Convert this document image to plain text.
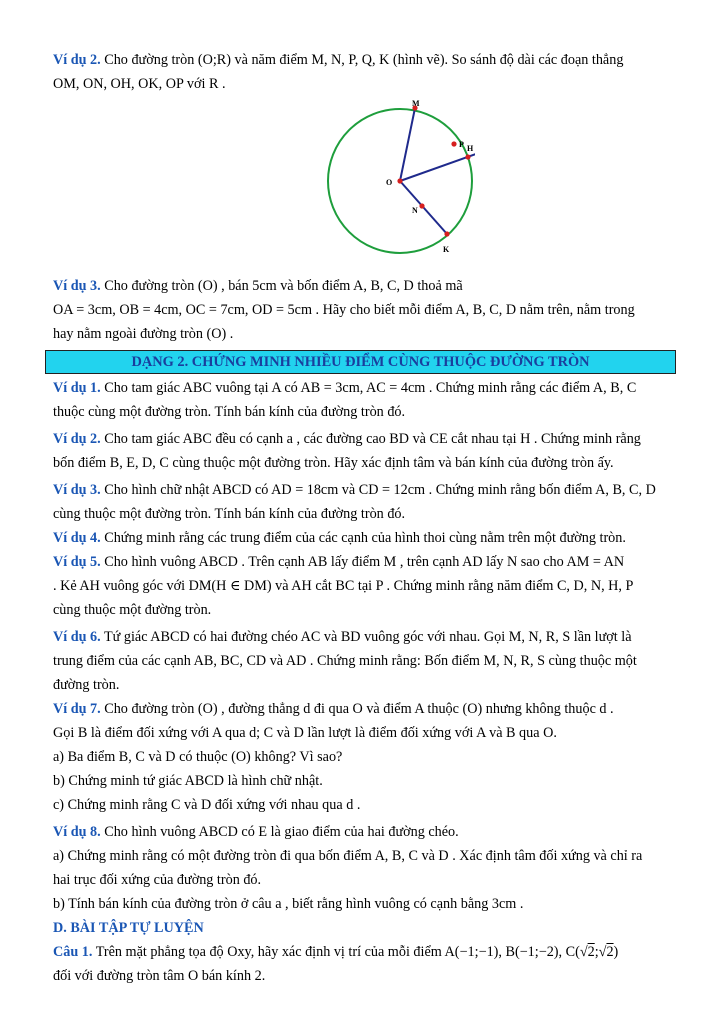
Ví dụ 2. Cho đường tròn (O;R) và năm điểm M, N, P, Q, K (hình vẽ). So sánh độ dài các đoạn thẳng

OM, ON, OH, OK, OP với R .

M
H
O
N
K
P

Ví dụ 3. Cho đường tròn (O) , bán 5cm và bốn điểm A, B, C, D thoả mã

OA = 3cm, OB = 4cm, OC = 7cm, OD = 5cm . Hãy cho biết mỗi điểm A, B, C, D nằm trên, nằm trong

hay nằm ngoài đường tròn (O) .

DẠNG 2. CHỨNG MINH NHIỀU ĐIỂM CÙNG THUỘC ĐƯỜNG TRÒN

Ví dụ 1. Cho tam giác ABC vuông tại A có AB = 3cm, AC = 4cm . Chứng minh rằng các điểm A, B, C

thuộc cùng một đường tròn. Tính bán kính của đường tròn đó.

Ví dụ 2. Cho tam giác ABC đều có cạnh a , các đường cao BD và CE cắt nhau tại H . Chứng minh rằng

bốn điểm B, E, D, C cùng thuộc một đường tròn. Hãy xác định tâm và bán kính của đường tròn ấy.

Ví dụ 3. Cho hình chữ nhật ABCD có AD = 18cm và CD = 12cm . Chứng minh rằng bốn điểm A, B, C, D

cùng thuộc một đường tròn. Tính bán kính của đường tròn đó.

Ví dụ 4. Chứng minh rằng các trung điểm của các cạnh của hình thoi cùng nằm trên một đường tròn.

Ví dụ 5. Cho hình vuông ABCD . Trên cạnh AB lấy điểm M , trên cạnh AD lấy N sao cho AM = AN

. Kẻ AH vuông góc với DM(H ∈ DM) và AH cắt BC tại P . Chứng minh rằng năm điểm C, D, N, H, P

cùng thuộc một đường tròn.

Ví dụ 6. Tứ giác ABCD có hai đường chéo AC và BD vuông góc với nhau. Gọi M, N, R, S lần lượt là

trung điểm của các cạnh AB, BC, CD và AD . Chứng minh rằng: Bốn điểm M, N, R, S cùng thuộc một

đường tròn.

Ví dụ 7. Cho đường tròn (O) , đường thẳng d đi qua O và điểm A thuộc (O) nhưng không thuộc d .

Gọi B là điểm đối xứng với A qua d; C và D lần lượt là điểm đối xứng với A và B qua O.

a) Ba điểm B, C và D có thuộc (O) không? Vì sao?

b) Chứng minh tứ giác ABCD là hình chữ nhật.

c) Chứng minh rằng C và D đối xứng với nhau qua d .

Ví dụ 8. Cho hình vuông ABCD có E là giao điểm của hai đường chéo.

a) Chứng minh rằng có một đường tròn đi qua bốn điểm A, B, C và D . Xác định tâm đối xứng và chỉ ra

hai trục đối xứng của đường tròn đó.

b) Tính bán kính của đường tròn ở câu a , biết rằng hình vuông có cạnh bằng 3cm .

D. BÀI TẬP TỰ LUYỆN

Câu 1. Trên mặt phẳng tọa độ Oxy, hãy xác định vị trí của mỗi điểm A(−1;−1), B(−1;−2), C(√2;√2)

đối với đường tròn tâm O bán kính 2.
